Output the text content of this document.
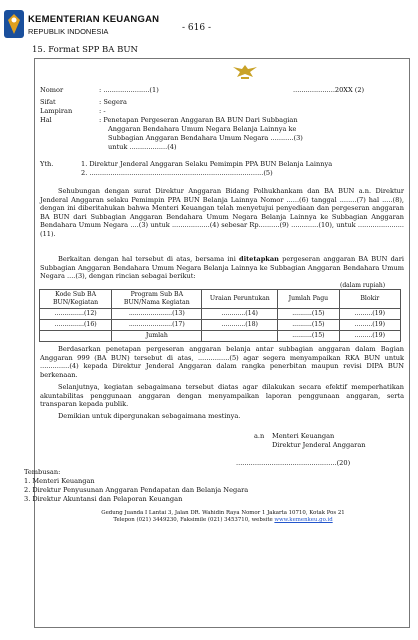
KEMENTERIAN KEUANGAN
REPUBLIK INDONESIA	- 616 -
15. Format SPP BA BUN
Nomor	: ......................(1)	....................20XX (2)
Sifat	: Segera
Lampiran	: -
Hal	: Penetapan Pergeseran Anggaran BA BUN Dari Subbagian
Anggaran Bendahara Umum Negara Belanja Lainnya ke
Subbagian Anggaran Bendahara Umum Negara ...........(3)
untuk ..................(4)
Yth.	1. Direktur Jenderal Anggaran Selaku Pemimpin PPA BUN Belanja Lainnya
2. ...................................................................................(5)
Sehubungan dengan surat Direktur Anggaran Bidang Polhukhankam dan BA BUN a.n. Direktur Jenderal Anggaran selaku Pemimpin PPA BUN Belanja Lainnya Nomor ......(6) tanggal ........(7) hal .....(8), dengan ini diberitahukan bahwa Menteri Keuangan telah menyetujui penyediaan dan pergeseran anggaran BA BUN dari Subbagian Anggaran Bendahara Umum Negara Belanja Lainnya ke Subbagian Anggaran Bendahara Umum Negara ....(3) untuk ..................(4) sebesar Rp..........(9) .............(10), untuk ......................(11).
Berkaitan dengan hal tersebut di atas, bersama ini ditetapkan pergeseran anggaran BA BUN dari Subbagian Anggaran Bendahara Umum Negara Belanja Lainnya ke Subbagian Anggaran Bendahara Umum Negara ....(3), dengan rincian sebagai berikut:
(dalam rupiah)
Kode Sub BA BUN/Kegiatan	Program Sub BA BUN/Nama Kegiatan	Uraian Peruntukan	Jumlah Pagu	Blokir
...............(12)	......................(13)	............(14)	..........(15)	.........(19)
...............(16)	......................(17)	............(18)	..........(15)	.........(19)
	Jumlah		..........(15)	.........(19)
Berdasarkan penetapan pergeseran anggaran belanja antar subbagian anggaran dalam Bagian Anggaran 999 (BA BUN) tersebut di atas, ...............(5) agar segera menyampaikan RKA BUN untuk ..............(4) kepada Direktur Jenderal Anggaran dalam rangka penerbitan maupun revisi DIPA BUN berkenaan.
Selanjutnya, kegiatan sebagaimana tersebut diatas agar dilakukan secara efektif memperhatikan akuntabilitas penggunaan anggaran dengan menyampaikan laporan penggunaan anggaran, serta transparan kepada publik.
Demikian untuk dipergunakan sebagaimana mestinya.
a.n Menteri Keuangan
Direktur Jenderal Anggaran
................................................(20)
Tembusan:
1. Menteri Keuangan
2. Direktur Penyusunan Anggaran Pendapatan dan Belanja Negara
3. Direktur Akuntansi dan Pelaporan Keuangan
Gedung Juanda I Lantai 3, Jalan DR. Wahidin Raya Nomor 1 Jakarta 10710, Kotak Pos 21
Telepon (021) 3449230, Faksimile (021) 3453710, website www.kemenkeu.go.id
